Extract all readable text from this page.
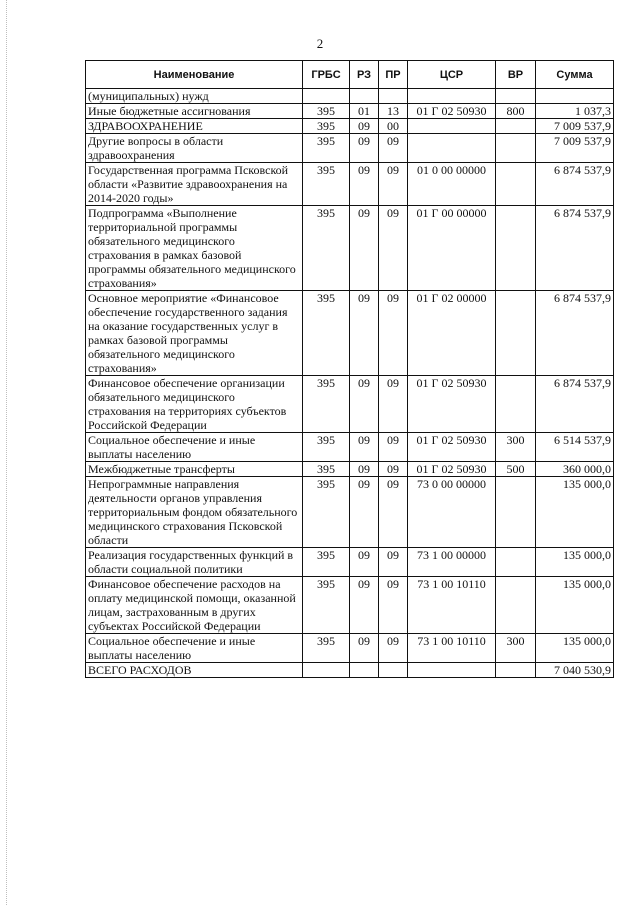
2
Наименование	ГРБС	РЗ	ПР	ЦСР	ВР	Сумма
(муниципальных) нужд						
Иные бюджетные ассигнования	395	01	13	01 Г 02 50930	800	1 037,3
ЗДРАВООХРАНЕНИЕ	395	09	00			7 009 537,9
Другие вопросы в области здравоохранения	395	09	09			7 009 537,9
Государственная программа Псковской области «Развитие здравоохранения на 2014-2020 годы»	395	09	09	01 0 00 00000		6 874 537,9
Подпрограмма «Выполнение территориальной программы обязательного медицинского страхования в рамках базовой программы обязательного медицинского страхования»	395	09	09	01 Г 00 00000		6 874 537,9
Основное мероприятие «Финансовое обеспечение государственного задания на оказание государственных услуг в рамках базовой программы обязательного медицинского страхования»	395	09	09	01 Г 02 00000		6 874 537,9
Финансовое обеспечение организации обязательного медицинского страхования на территориях субъектов Российской Федерации	395	09	09	01 Г 02 50930		6 874 537,9
Социальное обеспечение и иные выплаты населению	395	09	09	01 Г 02 50930	300	6 514 537,9
Межбюджетные трансферты	395	09	09	01 Г 02 50930	500	360 000,0
Непрограммные направления деятельности органов управления территориальным фондом обязательного медицинского страхования Псковской области	395	09	09	73 0 00 00000		135 000,0
Реализация государственных функций в области социальной политики	395	09	09	73 1 00 00000		135 000,0
Финансовое обеспечение расходов на оплату медицинской помощи, оказанной лицам, застрахованным в других субъектах Российской Федерации	395	09	09	73 1 00 10110		135 000,0
Социальное обеспечение и иные выплаты населению	395	09	09	73 1 00 10110	300	135 000,0
ВСЕГО РАСХОДОВ						7 040 530,9
